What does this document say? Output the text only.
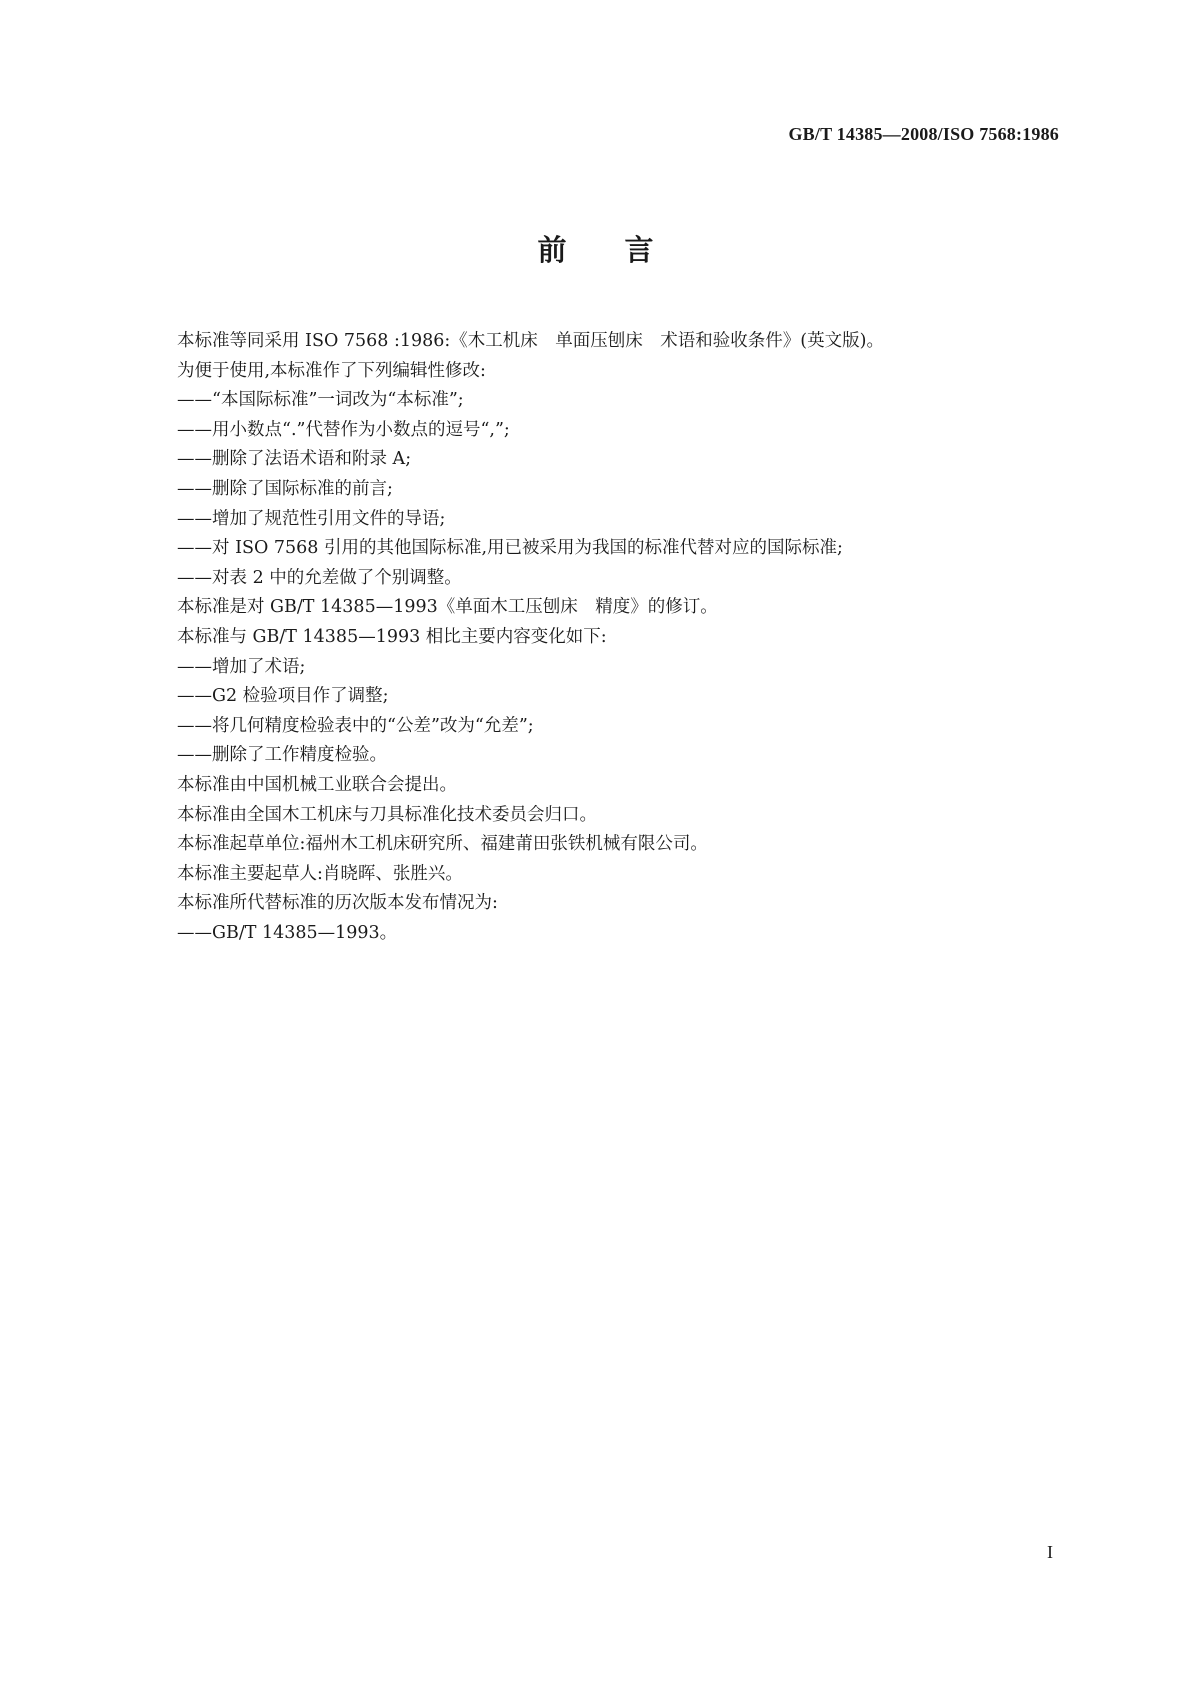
GB/T 14385—2008/ISO 7568:1986
前言
本标准等同采用 ISO 7568 :1986:《木工机床　单面压刨床　术语和验收条件》(英文版)。
为便于使用,本标准作了下列编辑性修改:
——“本国际标准”一词改为“本标准”;
——用小数点“.”代替作为小数点的逗号“,”;
——删除了法语术语和附录 A;
——删除了国际标准的前言;
——增加了规范性引用文件的导语;
——对 ISO 7568 引用的其他国际标准,用已被采用为我国的标准代替对应的国际标准;
——对表 2 中的允差做了个别调整。
本标准是对 GB/T 14385—1993《单面木工压刨床　精度》的修订。
本标准与 GB/T 14385—1993 相比主要内容变化如下:
——增加了术语;
——G2 检验项目作了调整;
——将几何精度检验表中的“公差”改为“允差”;
——删除了工作精度检验。
本标准由中国机械工业联合会提出。
本标准由全国木工机床与刀具标准化技术委员会归口。
本标准起草单位:福州木工机床研究所、福建莆田张铁机械有限公司。
本标准主要起草人:肖晓晖、张胜兴。
本标准所代替标准的历次版本发布情况为:
——GB/T 14385—1993。
I
